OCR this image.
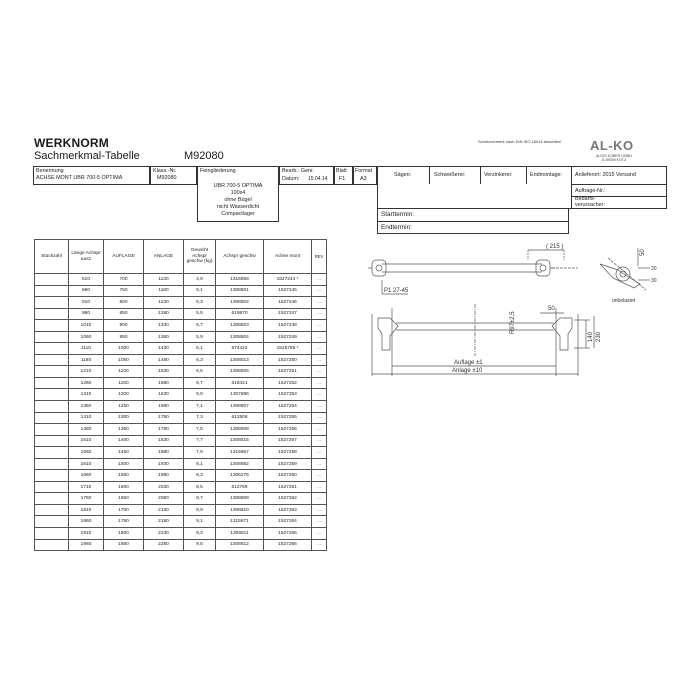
WERKNORM
Sachmerkmal-Tabelle	M92080
Schutzvermerk nach DIN ISO 16016 beachten! AL-KO
ALOIS KOBER GMBH
D-89359 KÖTZ
Benennung
ACHSE MONT UBR 700-5 OPTIMA
Klass.-Nr.
M92080
Feingliederung
UBR 700-5 OPTIMA
100x4
ohne Bügel
nicht Wasserdicht
Compactlager
Bearb.: Genr.
Datum: 15.04.14
Blatt
F1
Format
A3
Sägen:	Schweißerei:	Verzinkerei:	Endmontage: Anlieferort: 2015 Versand
Auftrage-Nr.:
Bedarfs-
verursacher:
Starttermin:
Endtermin:
Stückzahl	Länge Achspr ausz	AUFLAGE	ANLAGE	Gewicht Achspr geschw (kg)	Achspr geschw	Achse mont	REV
	610	700	1130	4,9	1315858	1527244 *	...
	660	750	1180	5,1	1308801	1527245	...
	910	800	1230	5,3	1308802	1527246	...
	960	850	1280	5,5	619870	1527247	...
	1010	900	1330	5,7	1308803	1527248	...
	1060	950	1380	5,9	1308804	1527249	...
	1110	1000	1430	6,1	574422	1525785 *	...
	1160	1050	1480	6,3	1308013	1527250	...
	1210	1100	1530	6,5	1308805	1527251	...
	1260	1150	1580	6,7	618421	1527252	...
	1310	1200	1630	6,9	1307886	1527253	...
	1360	1250	1680	7,1	1308807	1527254	...
	1410	1300	1750	7,3	612506	1527255	...
	1460	1350	1780	7,5	1308808	1527256	...
	1510	1400	1830	7,7	1308515	1527257	...
	1560	1450	1880	7,9	1315867	1527258	...
	1610	1500	1930	8,1	1308562	1527259	...
	1660	1550	1980	8,3	1306276	1527260	...
	1710	1600	2030	8,5	612769	1527261	...
	1760	1650	2080	8,7	1308809	1527262	...
	1810	1700	2130	8,9	1308810	1527263	...
	1860	1750	2180	9,1	1315871	1527264	...
	1910	1800	2230	9,3	1308811	1527265	...
	1960	1850	2280	9,5	1308812	1527266	...
( 215 )
50
P1 27-45
20
30
unbelastet
50
R97±2,5
140 230
Auflage ±1
Anlage ±10
